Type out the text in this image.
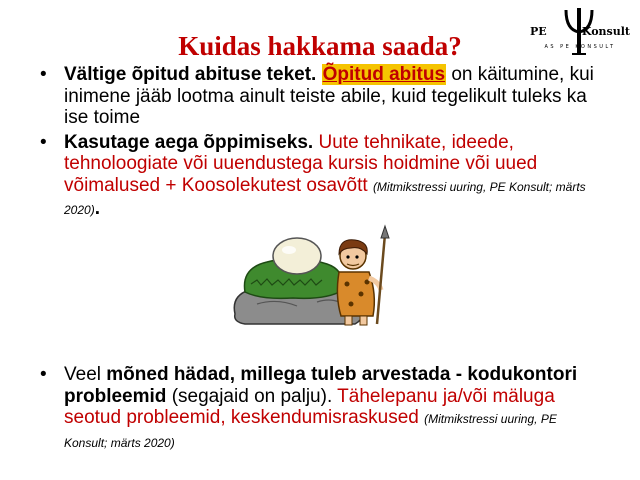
Kuidas hakkama saada?	PE	Konsult
AS PE KONSULT
• Vältige õpitud abituse teket. Õpitud abitus on käitumine, kui inimene jääb lootma ainult teiste abile, kuid tegelikult tuleks ka ise toime
• Kasutage aega õppimiseks. Uute tehnikate, ideede, tehnoloogiate või uuendustega kursis hoidmine või uued võimalused + Koosolekutest osavõtt (Mitmikstressi uuring, PE Konsult; märts 2020).
• Veel mõned hädad, millega tuleb arvestada - kodukontori probleemid (segajaid on palju). Tähelepanu ja/või mäluga seotud probleemid, keskendumisraskused (Mitmikstressi uuring, PE Konsult; märts 2020)
